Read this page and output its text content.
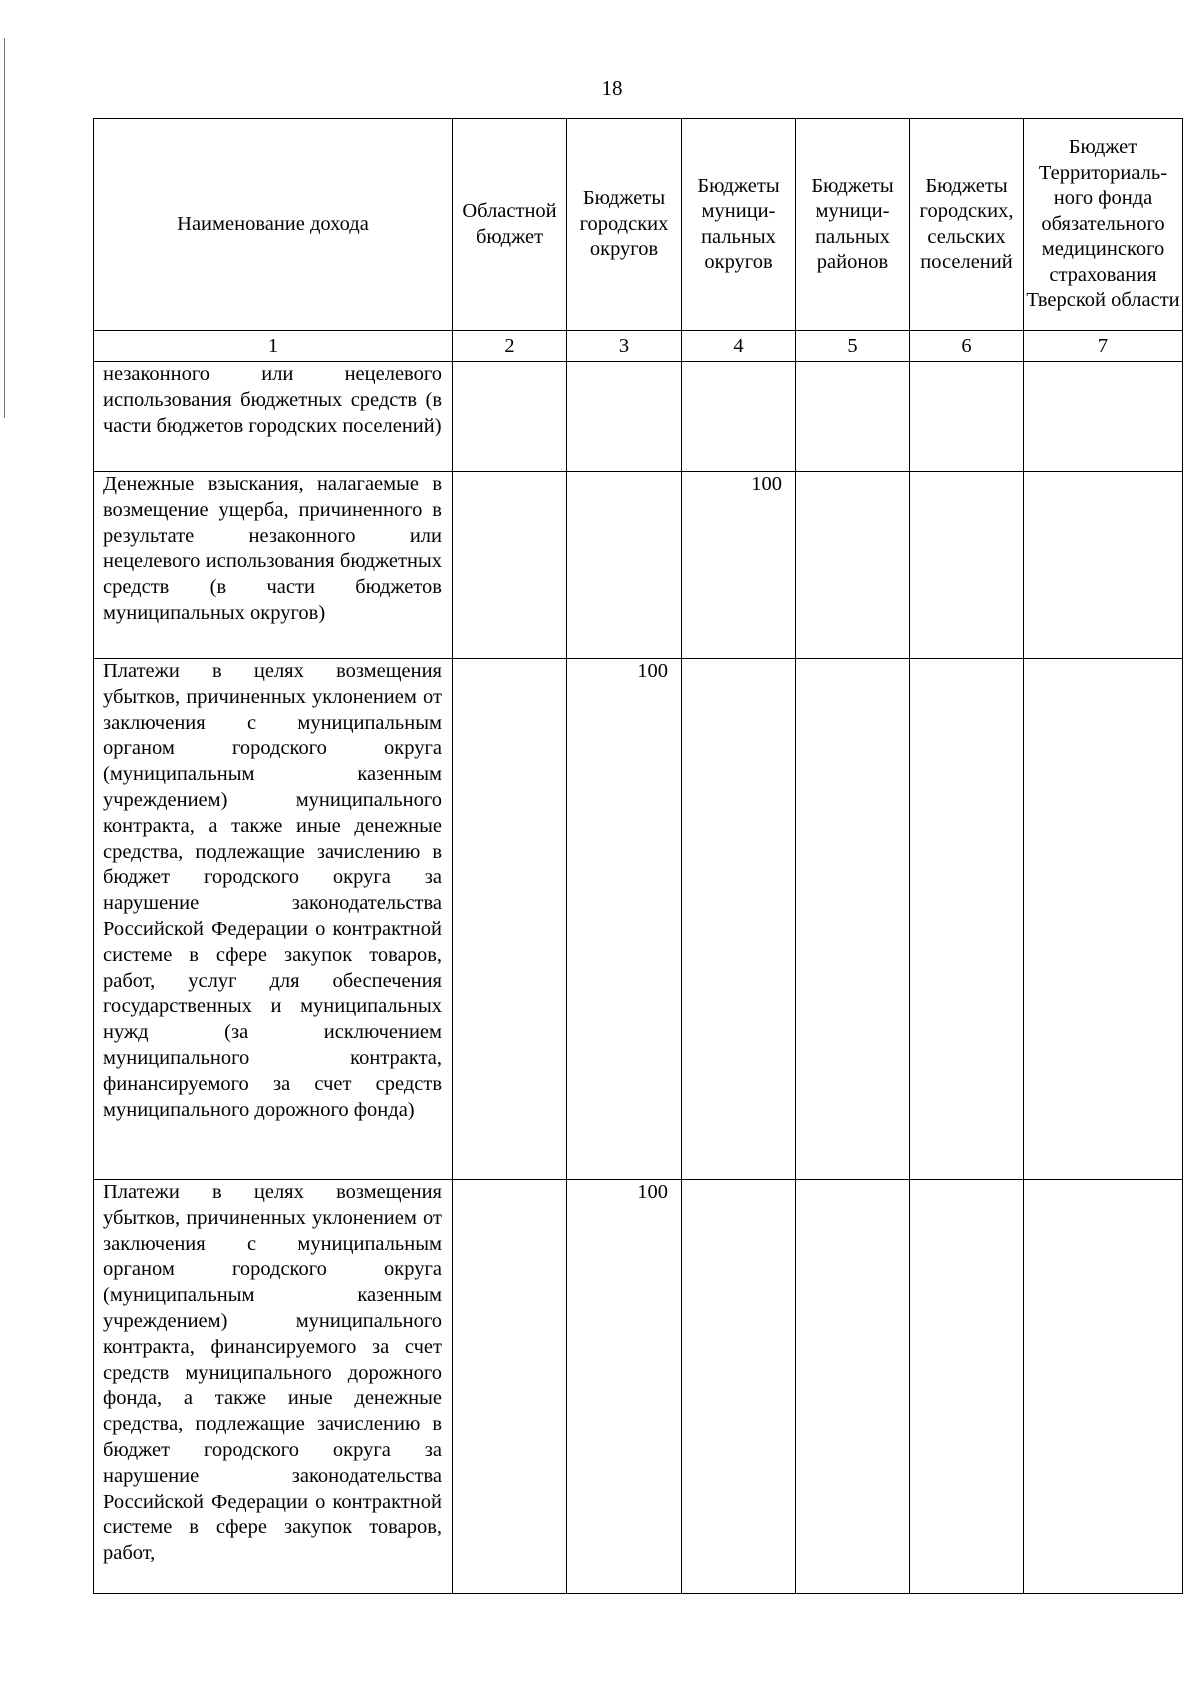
18
Наименование дохода	Областной бюджет	Бюджеты городских округов	Бюджеты муници-пальных округов	Бюджеты муници-пальных районов	Бюджеты городских, сельских поселений	Бюджет Территориаль-ного фонда обязательного медицинского страхования Тверской области
1	2	3	4	5	6	7
незаконного или нецелевого использования бюджетных средств (в части бюджетов городских поселений)						
Денежные взыскания, налагаемые в возмещение ущерба, причиненного в результате незаконного или нецелевого использования бюджетных средств (в части бюджетов муниципальных округов)			100			
Платежи в целях возмещения убытков, причиненных уклонением от заключения с муниципальным органом городского округа (муниципальным казенным учреждением) муниципального контракта, а также иные денежные средства, подлежащие зачислению в бюджет городского округа за нарушение законодательства Российской Федерации о контрактной системе в сфере закупок товаров, работ, услуг для обеспечения государственных и муниципальных нужд (за исключением муниципального контракта, финансируемого за счет средств муниципального дорожного фонда)		100				
Платежи в целях возмещения убытков, причиненных уклонением от заключения с муниципальным органом городского округа (муниципальным казенным учреждением) муниципального контракта, финансируемого за счет средств муниципального дорожного фонда, а также иные денежные средства, подлежащие зачислению в бюджет городского округа за нарушение законодательства Российской Федерации о контрактной системе в сфере закупок товаров, работ,		100				
